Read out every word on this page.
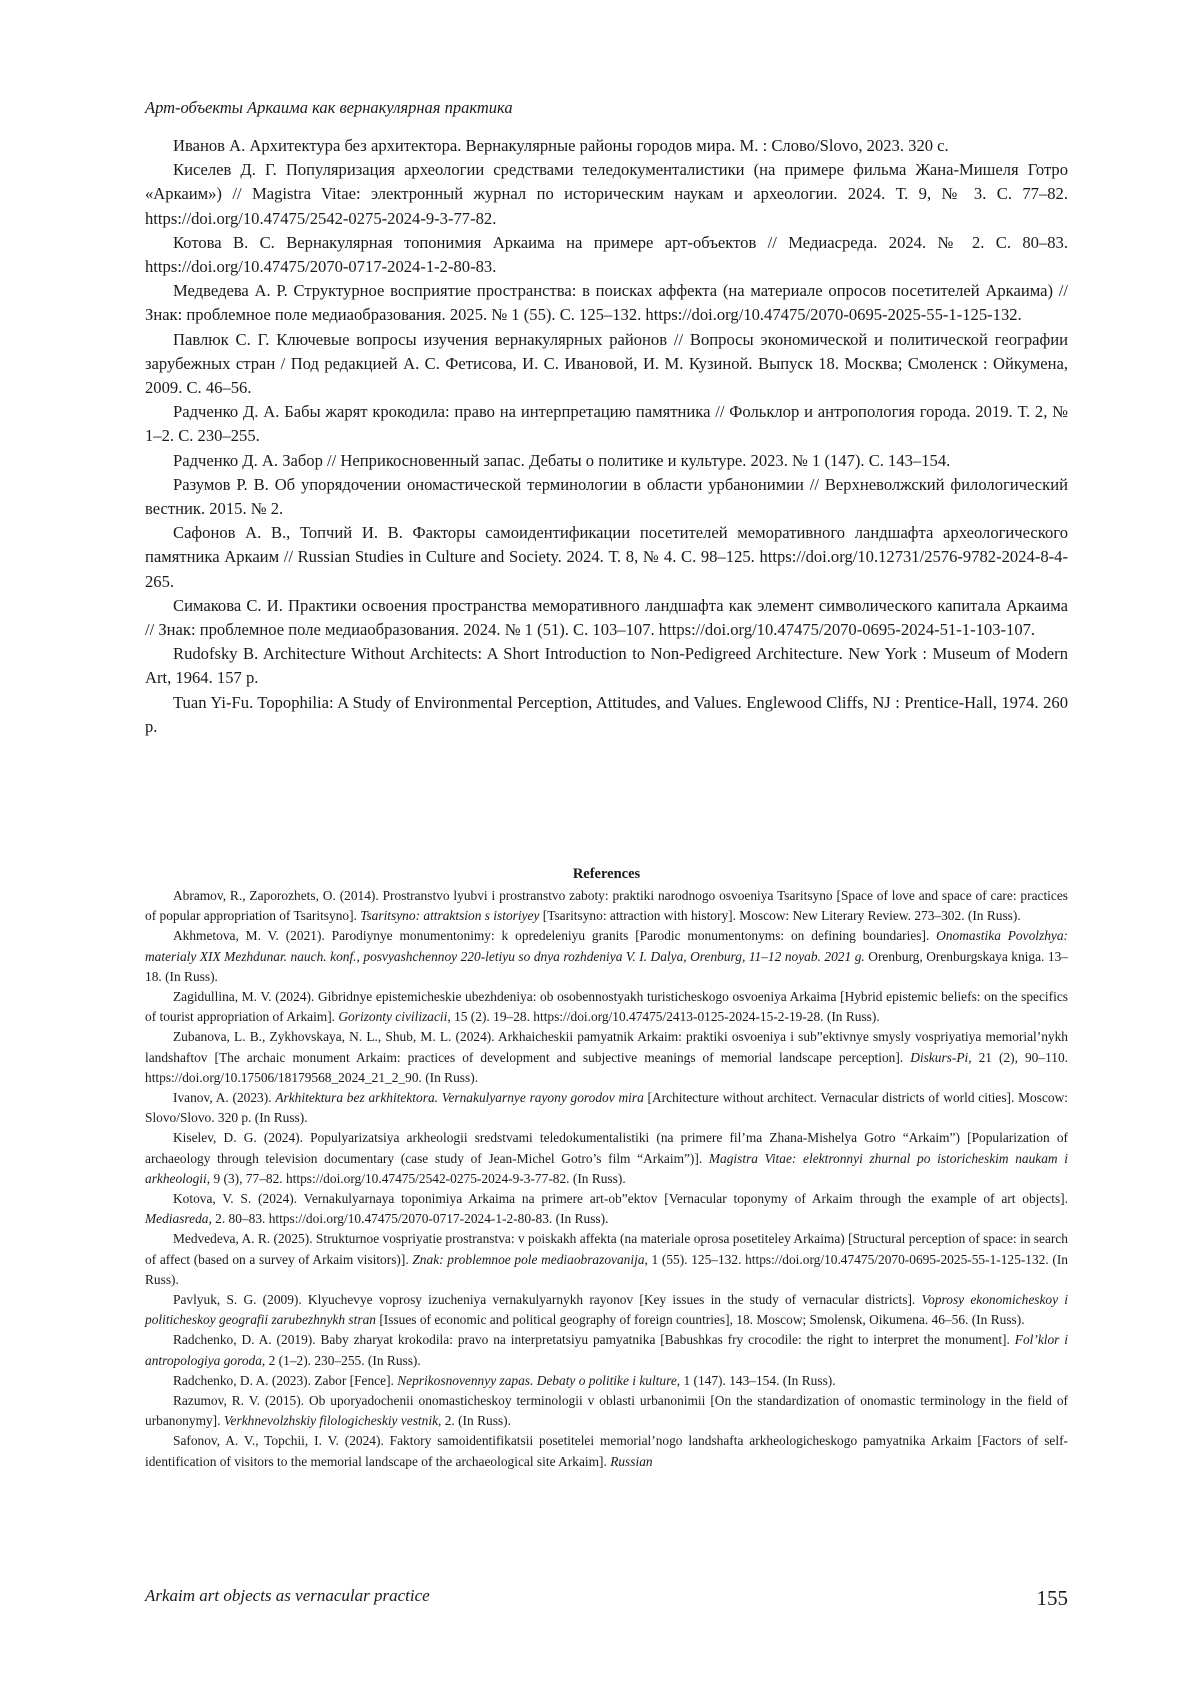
Арт-объекты Аркаима как вернакулярная практика

Иванов А. Архитектура без архитектора. Вернакулярные районы городов мира. М. : Слово/Slovo, 2023. 320 с.

Киселев Д. Г. Популяризация археологии средствами теледокументалистики (на примере фильма Жана-Мишеля Готро «Аркаим») // Magistra Vitae: электронный журнал по историческим наукам и археологии. 2024. Т. 9, № 3. С. 77–82. https://doi.org/10.47475/2542-0275-2024-9-3-77-82.

Котова В. С. Вернакулярная топонимия Аркаима на примере арт-объектов // Медиасреда. 2024. № 2. С. 80–83. https://doi.org/10.47475/2070-0717-2024-1-2-80-83.

Медведева А. Р. Структурное восприятие пространства: в поисках аффекта (на материале опросов посетителей Аркаима) // Знак: проблемное поле медиаобразования. 2025. № 1 (55). С. 125–132. https://doi.org/10.47475/2070-0695-2025-55-1-125-132.

Павлюк С. Г. Ключевые вопросы изучения вернакулярных районов // Вопросы экономической и политической географии зарубежных стран / Под редакцией А. С. Фетисова, И. С. Ивановой, И. М. Кузиной. Выпуск 18. Москва; Смоленск : Ойкумена, 2009. С. 46–56.

Радченко Д. А. Бабы жарят крокодила: право на интерпретацию памятника // Фольклор и антропология города. 2019. Т. 2, № 1–2. С. 230–255.

Радченко Д. А. Забор // Неприкосновенный запас. Дебаты о политике и культуре. 2023. № 1 (147). С. 143–154.

Разумов Р. В. Об упорядочении ономастической терминологии в области урбанонимии // Верхневолжский филологический вестник. 2015. № 2.

Сафонов А. В., Топчий И. В. Факторы самоидентификации посетителей меморативного ландшафта археологического памятника Аркаим // Russian Studies in Culture and Society. 2024. Т. 8, № 4. С. 98–125. https://doi.org/10.12731/2576-9782-2024-8-4-265.

Симакова С. И. Практики освоения пространства меморативного ландшафта как элемент символического капитала Аркаима // Знак: проблемное поле медиаобразования. 2024. № 1 (51). С. 103–107. https://doi.org/10.47475/2070-0695-2024-51-1-103-107.

Rudofsky B. Architecture Without Architects: A Short Introduction to Non-Pedigreed Architecture. New York : Museum of Modern Art, 1964. 157 p.

Tuan Yi-Fu. Topophilia: A Study of Environmental Perception, Attitudes, and Values. Englewood Cliffs, NJ : Prentice-Hall, 1974. 260 p.

References

Abramov, R., Zaporozhets, O. (2014). Prostranstvo lyubvi i prostranstvo zaboty: praktiki narodnogo osvoeniya Tsaritsyno [Space of love and space of care: practices of popular appropriation of Tsaritsyno]. Tsaritsyno: attraktsion s istoriyey [Tsaritsyno: attraction with history]. Moscow: New Literary Review. 273–302. (In Russ).

Akhmetova, M. V. (2021). Parodiynye monumentonimy: k opredeleniyu granits [Parodic monumentonyms: on defining boundaries]. Onomastika Povolzhya: materialy XIX Mezhdunar. nauch. konf., posvyashchennoy 220-letiyu so dnya rozhdeniya V. I. Dalya, Orenburg, 11–12 noyab. 2021 g. Orenburg, Orenburgskaya kniga. 13–18. (In Russ).

Zagidullina, M. V. (2024). Gibridnye epistemicheskie ubezhdeniya: ob osobennostyakh turisticheskogo osvoeniya Arkaima [Hybrid epistemic beliefs: on the specifics of tourist appropriation of Arkaim]. Gorizonty civilizacii, 15 (2). 19–28. https://doi.org/10.47475/2413-0125-2024-15-2-19-28. (In Russ).

Zubanova, L. B., Zykhovskaya, N. L., Shub, M. L. (2024). Arkhaicheskii pamyatnik Arkaim: praktiki osvoeniya i sub”ektivnye smysly vospriyatiya memorial’nykh landshaftov [The archaic monument Arkaim: practices of development and subjective meanings of memorial landscape perception]. Diskurs-Pi, 21 (2), 90–110. https://doi.org/10.17506/18179568_2024_21_2_90. (In Russ).

Ivanov, A. (2023). Arkhitektura bez arkhitektora. Vernakulyarnye rayony gorodov mira [Architecture without architect. Vernacular districts of world cities]. Moscow: Slovo/Slovo. 320 p. (In Russ).

Kiselev, D. G. (2024). Populyarizatsiya arkheologii sredstvami teledokumentalistiki (na primere fil’ma Zhana-Mishelya Gotro “Arkaim”) [Popularization of archaeology through television documentary (case study of Jean-Michel Gotro’s film “Arkaim”)]. Magistra Vitae: elektronnyi zhurnal po istoricheskim naukam i arkheologii, 9 (3), 77–82. https://doi.org/10.47475/2542-0275-2024-9-3-77-82. (In Russ).

Kotova, V. S. (2024). Vernakulyarnaya toponimiya Arkaima na primere art-ob”ektov [Vernacular toponymy of Arkaim through the example of art objects]. Mediasreda, 2. 80–83. https://doi.org/10.47475/2070-0717-2024-1-2-80-83. (In Russ).

Medvedeva, A. R. (2025). Strukturnoe vospriyatie prostranstva: v poiskakh affekta (na materiale oprosa posetiteley Arkaima) [Structural perception of space: in search of affect (based on a survey of Arkaim visitors)]. Znak: problemnoe pole mediaobrazovanija, 1 (55). 125–132. https://doi.org/10.47475/2070-0695-2025-55-1-125-132. (In Russ).

Pavlyuk, S. G. (2009). Klyuchevye voprosy izucheniya vernakulyarnykh rayonov [Key issues in the study of vernacular districts]. Voprosy ekonomicheskoy i politicheskoy geografii zarubezhnykh stran [Issues of economic and political geography of foreign countries], 18. Moscow; Smolensk, Oikumena. 46–56. (In Russ).

Radchenko, D. A. (2019). Baby zharyat krokodila: pravo na interpretatsiyu pamyatnika [Babushkas fry crocodile: the right to interpret the monument]. Fol’klor i antropologiya goroda, 2 (1–2). 230–255. (In Russ).

Radchenko, D. A. (2023). Zabor [Fence]. Neprikosnovennyy zapas. Debaty o politike i kulture, 1 (147). 143–154. (In Russ).

Razumov, R. V. (2015). Ob uporyadochenii onomasticheskoy terminologii v oblasti urbanonimii [On the standardization of onomastic terminology in the field of urbanonymy]. Verkhnevolzhskiy filologicheskiy vestnik, 2. (In Russ).

Safonov, A. V., Topchii, I. V. (2024). Faktory samoidentifikatsii posetitelei memorial’nogo landshafta arkheologicheskogo pamyatnika Arkaim [Factors of self-identification of visitors to the memorial landscape of the archaeological site Arkaim]. Russian

Arkaim art objects as vernacular practice	155
